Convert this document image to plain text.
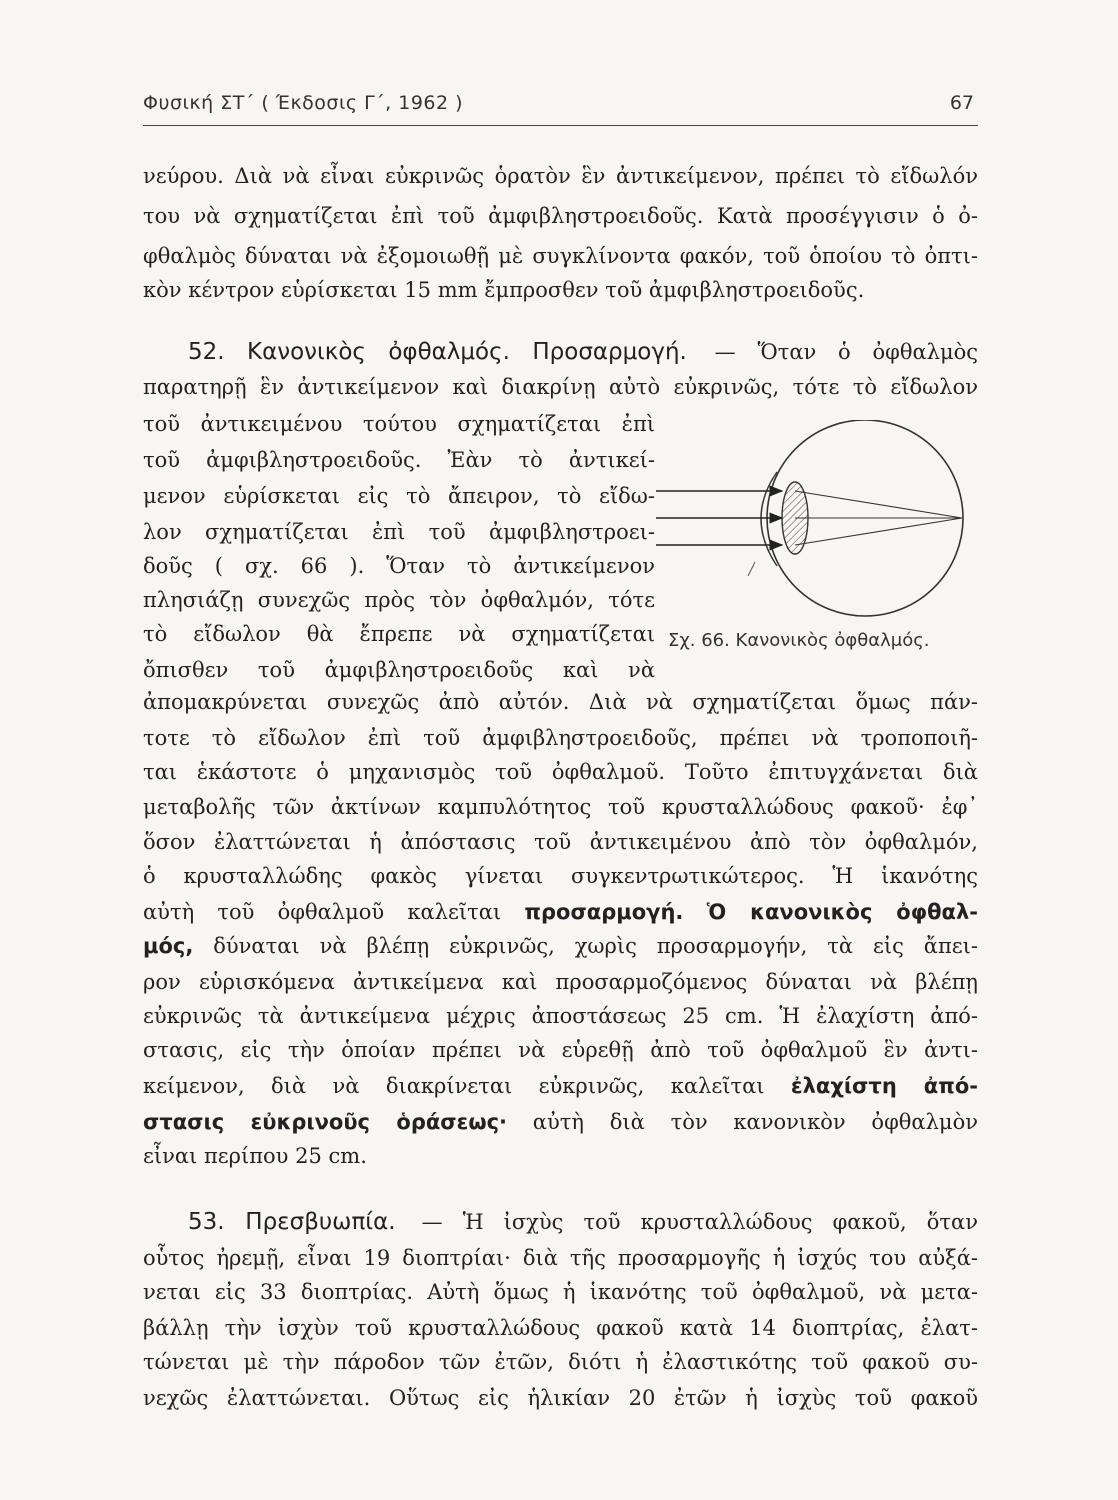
Φυσική ΣΤ΄ ( Έκδοσις Γ΄, 1962 )	67
νεύρου. Διὰ νὰ εἶναι εὐκρινῶς ὁρατὸν ἓν ἀντικείμενον, πρέπει τὸ εἴδωλόν
του νὰ σχηματίζεται ἐπὶ τοῦ ἀμφιβληστροειδοῦς. Κατὰ προσέγγισιν ὁ ὀ-
φθαλμὸς δύναται νὰ ἐξομοιωθῇ μὲ συγκλίνοντα φακόν, τοῦ ὁποίου τὸ ὀπτι-
κὸν κέντρον εὑρίσκεται 15 mm ἔμπροσθεν τοῦ ἀμφιβληστροειδοῦς.
52. Κανονικὸς ὀφθαλμός. Προσαρμογή. — Ὅταν ὁ ὀφθαλμὸς
παρατηρῇ ἓν ἀντικείμενον καὶ διακρίνῃ αὐτὸ εὐκρινῶς, τότε τὸ εἴδωλον
τοῦ ἀντικειμένου τούτου σχηματίζεται ἐπὶ
τοῦ ἀμφιβληστροειδοῦς. Ἐὰν τὸ ἀντικεί-
μενον εὑρίσκεται εἰς τὸ ἄπειρον, τὸ εἴδω-
λον σχηματίζεται ἐπὶ τοῦ ἀμφιβληστροει-
δοῦς ( σχ. 66 ). Ὅταν τὸ ἀντικείμενον
πλησιάζῃ συνεχῶς πρὸς τὸν ὀφθαλμόν, τότε
τὸ εἴδωλον θὰ ἔπρεπε νὰ σχηματίζεται
ὄπισθεν τοῦ ἀμφιβληστροειδοῦς καὶ νὰ
ἀπομακρύνεται συνεχῶς ἀπὸ αὐτόν. Διὰ νὰ σχηματίζεται ὅμως πάν-
τοτε τὸ εἴδωλον ἐπὶ τοῦ ἀμφιβληστροειδοῦς, πρέπει νὰ τροποποιῆ-
ται ἑκάστοτε ὁ μηχανισμὸς τοῦ ὀφθαλμοῦ. Τοῦτο ἐπιτυγχάνεται διὰ
μεταβολῆς τῶν ἀκτίνων καμπυλότητος τοῦ κρυσταλλώδους φακοῦ· ἐφ᾽
ὅσον ἐλαττώνεται ἡ ἀπόστασις τοῦ ἀντικειμένου ἀπὸ τὸν ὀφθαλμόν,
ὁ κρυσταλλώδης φακὸς γίνεται συγκεντρωτικώτερος. Ἡ ἱκανότης
αὐτὴ τοῦ ὀφθαλμοῦ καλεῖται προσαρμογή. Ὁ κανονικὸς ὀφθαλ-
μός, δύναται νὰ βλέπῃ εὐκρινῶς, χωρὶς προσαρμογήν, τὰ εἰς ἄπει-
ρον εὑρισκόμενα ἀντικείμενα καὶ προσαρμοζόμενος δύναται νὰ βλέπῃ
εὐκρινῶς τὰ ἀντικείμενα μέχρις ἀποστάσεως 25 cm. Ἡ ἐλαχίστη ἀπό-
στασις, εἰς τὴν ὁποίαν πρέπει νὰ εὑρεθῇ ἀπὸ τοῦ ὀφθαλμοῦ ἓν ἀντι-
κείμενον, διὰ νὰ διακρίνεται εὐκρινῶς, καλεῖται ἐλαχίστη ἀπό-
στασις εὐκρινοῦς ὁράσεως· αὐτὴ διὰ τὸν κανονικὸν ὀφθαλμὸν
εἶναι περίπου 25 cm.
53. Πρεσβυωπία. — Ἡ ἰσχὺς τοῦ κρυσταλλώδους φακοῦ, ὅταν
οὗτος ἠρεμῇ, εἶναι 19 διοπτρίαι· διὰ τῆς προσαρμογῆς ἡ ἰσχύς του αὐξά-
νεται εἰς 33 διοπτρίας. Αὐτὴ ὅμως ἡ ἱκανότης τοῦ ὀφθαλμοῦ, νὰ μετα-
βάλλῃ τὴν ἰσχὺν τοῦ κρυσταλλώδους φακοῦ κατὰ 14 διοπτρίας, ἐλατ-
τώνεται μὲ τὴν πάροδον τῶν ἐτῶν, διότι ἡ ἐλαστικότης τοῦ φακοῦ συ-
νεχῶς ἐλαττώνεται. Οὕτως εἰς ἡλικίαν 20 ἐτῶν ἡ ἰσχὺς τοῦ φακοῦ
Σχ. 66. Κανονικὸς ὀφθαλμός.
